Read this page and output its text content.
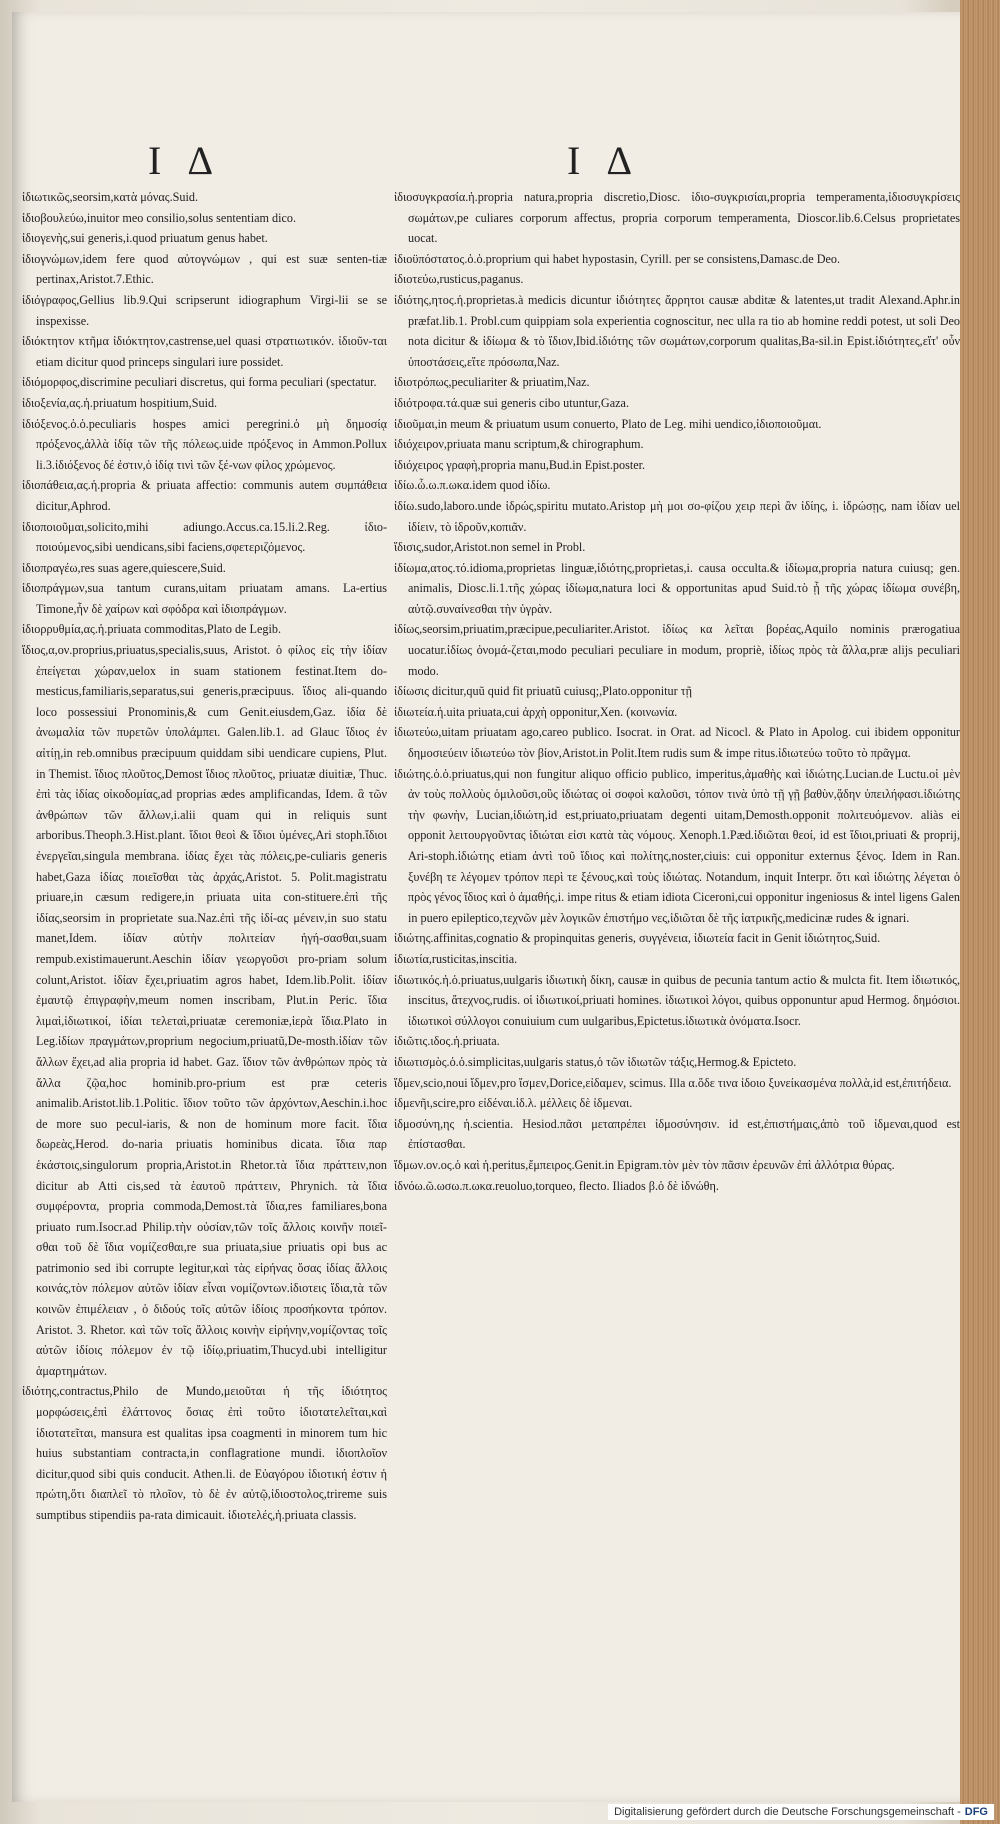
I Δ	I Δ

ἰδιωτικῶς,seorsim,κατὰ μόνας.Suid.

ἰδιοβουλεύω,inuitor meo consilio,solus sententiam dico.

ἰδιογενὴς,sui generis,i.quod priuatum genus habet.

ἰδιογνώμων,idem fere quod αὐτογνώμων , qui est suæ senten-tiæ pertinax,Aristot.7.Ethic.

ἰδιόγραφος,Gellius lib.9.Qui scripserunt idiographum Virgi-lii se se inspexisse.

ἰδιόκτητον κτῆμα ἰδιόκτητον,castrense,uel quasi στρατιωτικόν. ἰδιοῦν-ται etiam dicitur quod princeps singulari iure possidet.

ἰδιόμορφος,discrimine peculiari discretus, qui forma peculiari (spectatur.

ἰδιοξενία,ας.ἡ.priuatum hospitium,Suid.

ἰδιόξενος.ὁ.ὁ.peculiaris hospes amici peregrini.ὁ μὴ δημοσίᾳ πρόξενος,ἀλλὰ ἰδίᾳ τῶν τῆς πόλεως.uide πρόξενος in Ammon.Pollux li.3.ἰδιόξενος δέ ἐστιν,ὁ ἰδίᾳ τινὶ τῶν ξέ-νων φίλος χρώμενος.

ἰδιοπάθεια,ας.ἡ.propria & priuata affectio: communis autem συμπάθεια dicitur,Aphrod.

ἰδιοποιοῦμαι,solicito,mihi adiungo.Accus.ca.15.li.2.Reg. ἰδιο-ποιούμενος,sibi uendicans,sibi faciens,σφετεριζόμενος.

ἰδιοπραγέω,res suas agere,quiescere,Suid.

ἰδιοπράγμων,sua tantum curans,uitam priuatam amans. La-ertius Timone,ἦν δὲ χαίρων καὶ σφόδρα καὶ ἰδιοπράγμων.

ἰδιορρυθμία,ας.ἡ.priuata commoditas,Plato de Legib.

ἴδιος,α,ον.proprius,priuatus,specialis,suus, Aristot. ὁ φίλος εἰς τὴν ἰδίαν ἐπείγεται χώραν,uelox in suam stationem festinat.Item do-mesticus,familiaris,separatus,sui generis,præcipuus. ἴδιος ali-quando loco possessiui Pronominis,& cum Genit.eiusdem,Gaz. ἰδία δὲ ἀνωμαλία τῶν πυρετῶν ὑπολάμπει. Galen.lib.1. ad Glauc ἴδιος ἐν αἰτίῃ,in reb.omnibus præcipuum quiddam sibi uendicare cupiens, Plut. in Themist. ἴδιος πλοῦτος,Demost ἴδιος πλοῦτος, priuatæ diuitiæ, Thuc. ἐπὶ τὰς ἰδίας οἰκοδομίας,ad proprias ædes amplificandas, Idem. ἃ τῶν ἀνθρώπων τῶν ἄλλων,i.alii quam qui in reliquis sunt arboribus.Theoph.3.Hist.plant. ἴδιοι θεοὶ & ἴδιοι ὑμένες,Ari stoph.ἴδιοι ἐνεργεῖαι,singula membrana. ἰδίας ἔχει τὰς πόλεις,pe-culiaris generis habet,Gaza ἰδίας ποιεῖσθαι τὰς ἀρχάς,Aristot. 5. Polit.magistratu priuare,in cæsum redigere,in priuata uita con-stituere.ἐπὶ τῆς ἰδίας,seorsim in proprietate sua.Naz.ἐπὶ τῆς ἰδί-ας μένειν,in suo statu manet,Idem. ἰδίαν αὐτὴν πολιτείαν ἡγή-σασθαι,suam rempub.existimauerunt.Aeschin ἰδίαν γεωργοῦσι pro-priam solum colunt,Aristot. ἰδίαν ἔχει,priuatim agros habet, Idem.lib.Polit. ἰδίαν ἐμαυτῷ ἐπιγραφὴν,meum nomen inscribam, Plut.in Peric. ἴδια λιμαὶ,ἰδιωτικοί, ἰδίαι τελεταὶ,priuatæ ceremoniæ,ἱερὰ ἴδια.Plato in Leg.ἰδίων πραγμάτων,proprium negocium,priuatũ,De-mosth.ἰδίαν τῶν ἄλλων ἔχει,ad alia propria id habet. Gaz. ἴδιον τῶν ἀνθρώπων πρὸς τὰ ἄλλα ζῷα,hoc hominib.pro-prium est præ ceteris animalib.Aristot.lib.1.Politic. ἴδιον τοῦτο τῶν ἀρχόντων,Aeschin.i.hoc de more suo pecul-iaris, & non de hominum more facit. ἴδια δωρεὰς,Herod. do-naria priuatis hominibus dicata. ἴδια παρ ἑκάστοις,singulorum propria,Aristot.in Rhetor.τὰ ἴδια πράττειν,non dicitur ab Atti cis,sed τὰ ἑαυτοῦ πράττειν, Phrynich. τὰ ἴδια συμφέροντα, propria commoda,Demost.τὰ ἴδια,res familiares,bona priuato rum.Isocr.ad Philip.τὴν οὐσίαν,τῶν τοῖς ἄλλοις κοινῆν ποιεῖ-σθαι τοῦ δὲ ἴδια νομίζεσθαι,re sua priuata,siue priuatis opi bus ac patrimonio sed ibi corrupte legitur,καὶ τὰς εἰρήνας ὅσας ἰδίας ἄλλοις κοινάς,τὸν πόλεμον αὐτῶν ἰδίαν εἶναι νομίζοντων.ἰδιοτεις ἴδια,τὰ τῶν κοινῶν ἐπιμέλειαν , ὁ διδούς τοῖς αὐτῶν ἰδίοις προσήκοντα τρόπον. Aristot. 3. Rhetor. καὶ τῶν τοῖς ἄλλοις κοινὴν εἰρήνην,νομίζοντας τοῖς αὐτῶν ἰδίοις πόλεμον ἐν τῷ ἰδίῳ,priuatim,Thucyd.ubi intelligitur ἁμαρτημάτων.

ἰδιότης,contractus,Philo de Mundo,μειοῦται ἡ τῆς ἰδιότητος μορφώσεις,ἐπὶ ἐλάττονος ὅσιας ἐπὶ τοῦτο ἰδιοτατελεῖται,καὶ ἰδιοτατεῖται, mansura est qualitas ipsa coagmenti in minorem tum hic huius substantiam contracta,in conflagratione mundi. ἰδιοπλοῖον dicitur,quod sibi quis conducit. Athen.li. de Εὐαγόρου ἰδιοτική ἐστιν ἡ πρώτη,ὅτι διαπλεῖ τὸ πλοῖον, τὸ δὲ ἐν αὐτῷ,ἰδιοστολος,trireme suis sumptibus stipendiis pa-rata dimicauit. ἰδιοτελές,ἡ.priuata classis.

ἰδιοσυγκρασία.ἡ.propria natura,propria discretio,Diosc. ἰδιο-συγκρισίαι,propria temperamenta,ἰδιοσυγκρίσεις σωμάτων,pe culiares corporum affectus, propria corporum temperamenta, Dioscor.lib.6.Celsus proprietates uocat.

ἰδιοϋπόστατος.ὁ.ὁ.proprium qui habet hypostasin, Cyrill. per se consistens,Damasc.de Deo.

ἰδιοτεύω,rusticus,paganus.

ἰδιότης,ητος.ἡ.proprietas.à medicis dicuntur ἰδιότητες ἄρρητοι causæ abditæ & latentes,ut tradit Alexand.Aphr.in præfat.lib.1. Probl.cum quippiam sola experientia cognoscitur, nec ulla ra tio ab homine reddi potest, ut soli Deo nota dicitur & ἰδίωμα & τὸ ἴδιον,Ibid.ἰδιότης τῶν σωμάτων,corporum qualitas,Ba-sil.in Epist.ἰδιότητες,εἴτ' οὖν ὑποστάσεις,εἴτε πρόσωπα,Naz.

ἰδιοτρόπως,peculiariter & priuatim,Naz.

ἰδιότροφα.τά.quæ sui generis cibo utuntur,Gaza.

ἰδιοῦμαι,in meum & priuatum usum conuerto, Plato de Leg. mihi uendico,ἰδιοποιοῦμαι.

ἰδιόχειρον,priuata manu scriptum,& chirographum.

ἰδιόχειρος γραφὴ,propria manu,Bud.in Epist.poster.

ἰδίω.ὦ.ω.π.ωκα.idem quod ἰδίω.

ἰδίω.sudo,laboro.unde ἱδρώς,spiritu mutato.Aristop μὴ μοι σο-φίζου χειρ περὶ ἂν ἰδίης, i. ἱδρώσῃς, nam ἰδίαν uel ἰδίειν, τὸ ἱδροῦν,κοπιᾶν.

ἴδισις,sudor,Aristot.non semel in Probl.

ἰδίωμα,ατος.τό.idioma,proprietas linguæ,ἰδιότης,proprietas,i. causa occulta.& ἰδίωμα,propria natura cuiusq; gen. animalis, Diosc.li.1.τῆς χώρας ἰδίωμα,natura loci & opportunitas apud Suid.τὸ ᾗ τῆς χώρας ἰδίωμα συνέβη, αὐτῷ.συναίνεσθαι τὴν ὑγρὰν.

ἰδίως,seorsim,priuatim,præcipue,peculiariter.Aristot. ἰδίως κα λεῖται βορέας,Aquilo nominis prærogatiua uocatur.ἰδίως ὀνομά-ζεται,modo peculiari peculiare in modum, propriè, ἰδίως πρὸς τὰ ἄλλα,præ alijs peculiari modo.

ἰδίωσις dicitur,quũ quid fit priuatũ cuiusq;,Plato.opponitur τῇ

ἰδιωτεία.ἡ.uita priuata,cui ἀρχὴ opponitur,Xen. (κοινωνία.

ἰδιωτεύω,uitam priuatam ago,careo publico. Isocrat. in Orat. ad Nicocl. & Plato in Apolog. cui ibidem opponitur δημοσιεύειν ἰδιωτεύω τὸν βίον,Aristot.in Polit.Item rudis sum & impe ritus.ἰδιωτεύω τοῦτο τὸ πρᾶγμα.

ἰδιώτης.ὁ.ὁ.priuatus,qui non fungitur aliquo officio publico, imperitus,ἀμαθὴς καὶ ἰδιώτης.Lucian.de Luctu.οἱ μὲν ἀν τοὺς πολλοὺς ὁμιλοῦσι,οὓς ἰδιώτας οἱ σοφοὶ καλοῦσι, τόπον τινὰ ὑπὸ τῇ γῇ βαθὺν,ᾅδην ὑπειλήφασι.ἰδιώτης τὴν φωνὴν, Lucian,ἰδιώτη,id est,priuato,priuatam degenti uitam,Demosth.opponit πολιτευόμενον. aliàs ei opponit λειτουργοῦντας ἰδιώται εἰσι κατὰ τὰς νόμους. Xenoph.1.Pæd.ἰδιῶται θεοί, id est ἴδιοι,priuati & proprij, Ari-stoph.ἰδιώτης etiam ἀντὶ τοῦ ἴδιος καὶ πολίτης,noster,ciuis: cui opponitur externus ξένος. Idem in Ran. ξυνέβη τε λέγομεν τρόπον περὶ τε ξένους,καὶ τοὺς ἰδιώτας. Notandum, inquit Interpr. ὅτι καὶ ἰδιώτης λέγεται ὁ πρὸς γένος ἴδιος καὶ ὁ ἀμαθής,i. impe ritus & etiam idiota Ciceroni,cui opponitur ingeniosus & intel ligens Galen in puero epileptico,τεχνῶν μὲν λογικῶν ἐπιστήμο νες,ἰδιῶται δὲ τῆς ἰατρικῆς,medicinæ rudes & ignari.

ἰδιώτης.affinitas,cognatio & propinquitas generis, συγγένεια, ἰδιωτεία facit in Genit ἰδιώτητος,Suid.

ἰδιωτία,rusticitas,inscitia.

ἰδιωτικός.ἡ.ὁ.priuatus,uulgaris ἰδιωτικὴ δίκη, causæ in quibus de pecunia tantum actio & mulcta fit. Item ἰδιωτικός, inscitus, ἄτεχνος,rudis. οἱ ἰδιωτικοί,priuati homines. ἰδιωτικοὶ λόγοι, quibus opponuntur apud Hermog. δημόσιοι. ἰδιωτικοὶ σύλλογοι conuiuium cum uulgaribus,Epictetus.ἰδιωτικὰ ὀνόματα.Isocr.

ἰδιῶτις.ιδος.ἡ.priuata.

ἰδιωτισμὸς.ὁ.ὁ.simplicitas,uulgaris status,ὁ τῶν ἰδιωτῶν τάξις,Hermog.& Epicteto.

ἴδμεν,scio,noui ἴδμεν,pro ἴσμεν,Dorice,εἰδαμεν, scimus. Illa α.ὅδε τινα ἰδοιο ξυνείκασμένα πολλὰ,id est,ἐπιτήδεια.

ἰδμενῆι,scire,pro εἰδέναι.ἰδ.λ. μέλλεις δὲ ἰδμεναι.

ἰδμοσύνη,ης ἡ.scientia. Hesiod.πᾶσι μεταπρέπει ἰδμοσύνησιν. id est,ἐπιστήμαις,ἀπὸ τοῦ ἰδμεναι,quod est ἐπίστασθαι.

ἴδμων.ον.ος.ὁ καὶ ἡ.peritus,ἔμπειρος.Genit.in Epigram.τὸν μὲν τὸν πᾶσιν ἐρευνῶν ἐπὶ ἀλλότρια θύρας.

ἰδνόω.ῶ.ωσω.π.ωκα.reuoluo,torqueo, flecto. Iliados β.ὁ δὲ ἰδνώθη.

Digitalisierung gefördert durch die Deutsche Forschungsgemeinschaft - DFG
